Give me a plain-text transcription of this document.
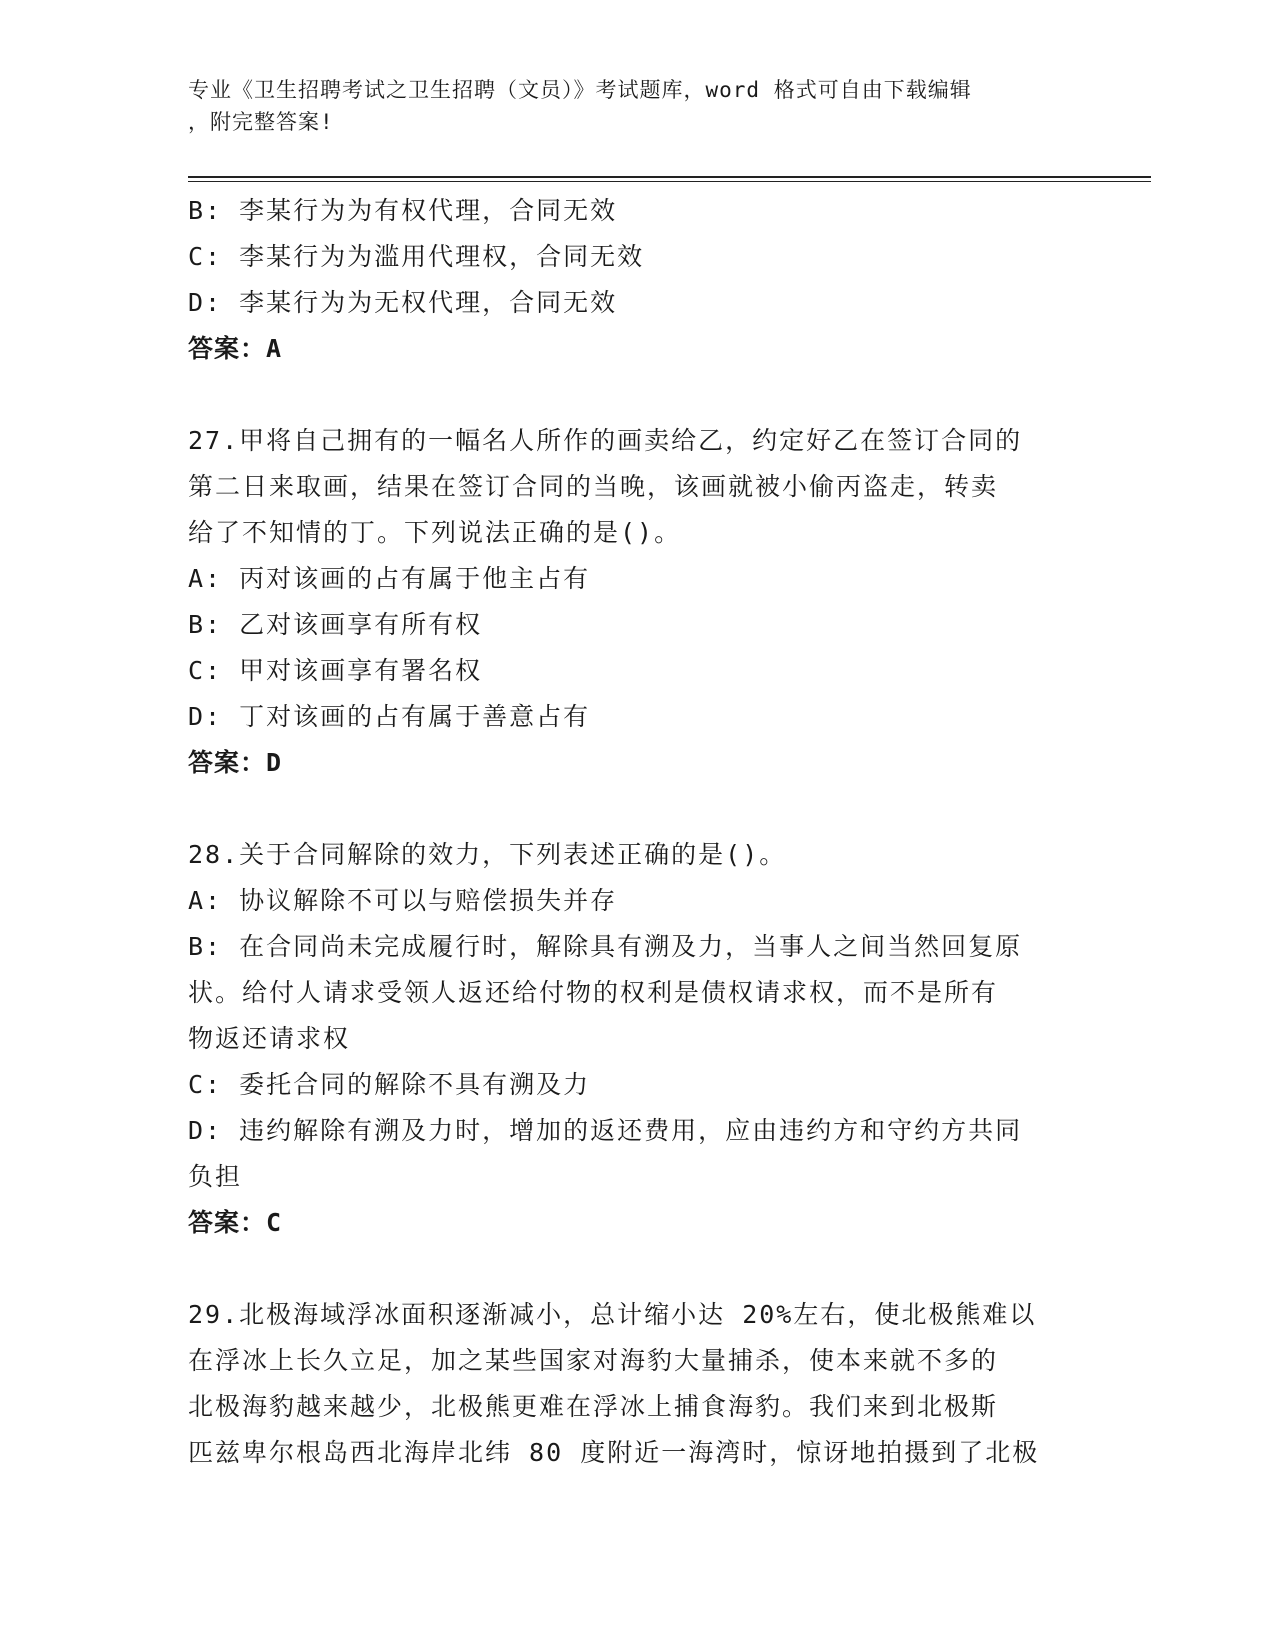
专业《卫生招聘考试之卫生招聘（文员）》考试题库，word 格式可自由下载编辑
，附完整答案!
B: 李某行为为有权代理，合同无效
C: 李某行为为滥用代理权，合同无效
D: 李某行为为无权代理，合同无效
答案：A
27.甲将自己拥有的一幅名人所作的画卖给乙，约定好乙在签订合同的
第二日来取画，结果在签订合同的当晚，该画就被小偷丙盗走，转卖
给了不知情的丁。下列说法正确的是()。
A: 丙对该画的占有属于他主占有
B: 乙对该画享有所有权
C: 甲对该画享有署名权
D: 丁对该画的占有属于善意占有
答案：D
28.关于合同解除的效力，下列表述正确的是()。
A: 协议解除不可以与赔偿损失并存
B: 在合同尚未完成履行时，解除具有溯及力，当事人之间当然回复原
状。给付人请求受领人返还给付物的权利是债权请求权，而不是所有
物返还请求权
C: 委托合同的解除不具有溯及力
D: 违约解除有溯及力时，增加的返还费用，应由违约方和守约方共同
负担
答案：C
29.北极海域浮冰面积逐渐减小，总计缩小达 20%左右，使北极熊难以
在浮冰上长久立足，加之某些国家对海豹大量捕杀，使本来就不多的
北极海豹越来越少，北极熊更难在浮冰上捕食海豹。我们来到北极斯
匹兹卑尔根岛西北海岸北纬 80 度附近一海湾时，惊讶地拍摄到了北极
